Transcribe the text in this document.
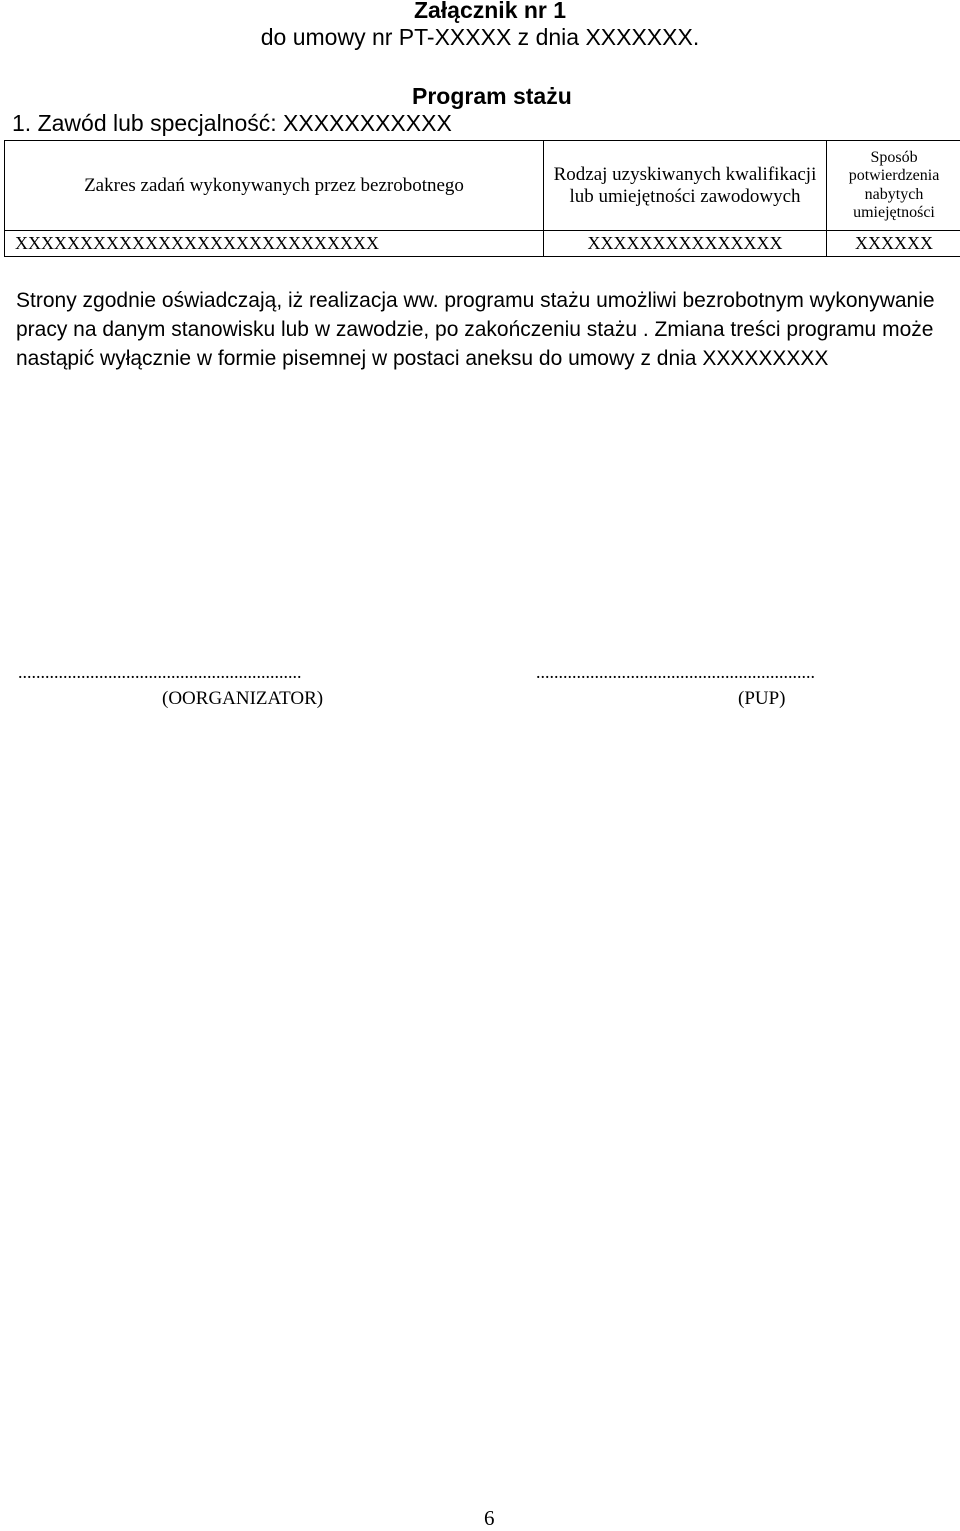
Załącznik nr 1
do umowy nr PT-XXXXX z dnia XXXXXXX.
Program stażu
1. Zawód lub specjalność: XXXXXXXXXXX
Zakres zadań wykonywanych przez bezrobotnego	Rodzaj uzyskiwanych kwalifikacji lub umiejętności zawodowych	Sposób potwierdzenia nabytych umiejętności
XXXXXXXXXXXXXXXXXXXXXXXXXXXX	XXXXXXXXXXXXXXX	XXXXXX
Strony zgodnie oświadczają, iż realizacja ww. programu stażu umożliwi bezrobotnym wykonywanie pracy na danym stanowisku lub w zawodzie, po zakończeniu stażu . Zmiana treści programu może nastąpić wyłącznie w formie pisemnej w postaci aneksu do umowy z dnia XXXXXXXXX
...............................................................	..............................................................
(OORGANIZATOR)	(PUP)
6
